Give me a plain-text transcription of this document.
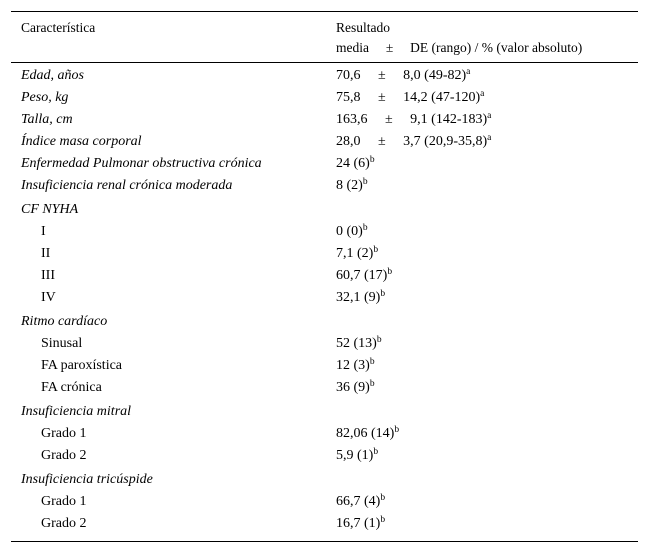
Característica	Resultado
media     ±     DE (rango) / % (valor absoluto)
Edad, años	70,6     ±     8,0 $(49-82)^a$
Peso, kg	75,8     ±     14,2 $(47-120)^a$
Talla, cm	163,6     ±     9,1 $(142-183)^a$
Índice masa corporal	28,0     ±     3,7 $(20,9-35,8)^a$
Enfermedad Pulmonar obstructiva crónica	24 $(6)^b$
Insuficiencia renal crónica moderada	8 $(2)^b$
CF NYHA
I	0 $(0)^b$
II	7,1 $(2)^b$
III	60,7 $(17)^b$
IV	32,1 $(9)^b$
Ritmo cardíaco
Sinusal	52 $(13)^b$
FA paroxística	12 $(3)^b$
FA crónica	36 $(9)^b$
Insuficiencia mitral
Grado 1	82,06 $(14)^b$
Grado 2	5,9 $(1)^b$
Insuficiencia tricúspide
Grado 1	66,7 $(4)^b$
Grado 2	16,7 $(1)^b$
